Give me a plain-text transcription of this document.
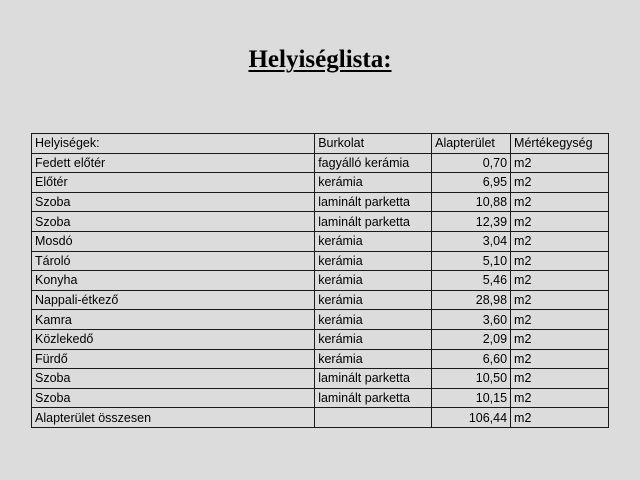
Helyiséglista:
Helyiségek:	Burkolat	Alapterület	Mértékegység
Fedett előtér	fagyálló kerámia	0,70	m2
Előtér	kerámia	6,95	m2
Szoba	laminált parketta	10,88	m2
Szoba	laminált parketta	12,39	m2
Mosdó	kerámia	3,04	m2
Tároló	kerámia	5,10	m2
Konyha	kerámia	5,46	m2
Nappali-étkező	kerámia	28,98	m2
Kamra	kerámia	3,60	m2
Közlekedő	kerámia	2,09	m2
Fürdő	kerámia	6,60	m2
Szoba	laminált parketta	10,50	m2
Szoba	laminált parketta	10,15	m2
Alapterület összesen		106,44	m2
